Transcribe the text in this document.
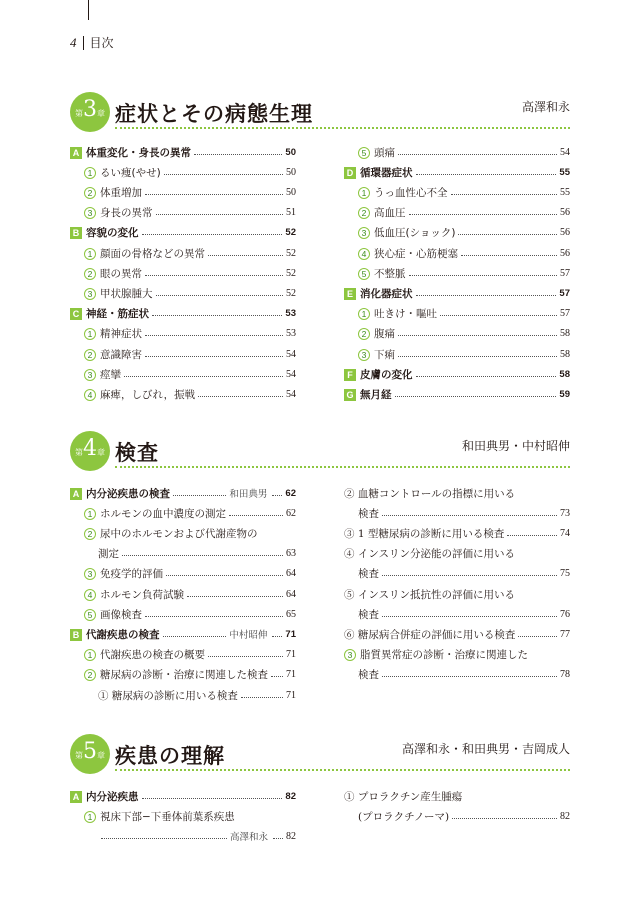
4 目次
第 3 章 症状とその病態生理	高澤和永
A 体重変化・身長の異常	50
1 るい痩(やせ)	50
2 体重増加	50
3 身長の異常	51
B 容貌の変化	52
1 顔面の骨格などの異常	52
2 眼の異常	52
3 甲状腺腫大	52
C 神経・筋症状	53
1 精神症状	53
2 意識障害	54
3 痙攣	54
4 麻痺，しびれ，振戦	54
5 頭痛	54
D 循環器症状	55
1 うっ血性心不全	55
2 高血圧	56
3 低血圧(ショック)	56
4 狭心症・心筋梗塞	56
5 不整脈	57
E 消化器症状	57
1 吐きけ・嘔吐	57
2 腹痛	58
3 下痢	58
F 皮膚の変化	58
G 無月経	59
第 4 章 検査	和田典男・中村昭伸
A 内分泌疾患の検査	和田典男 62
1 ホルモンの血中濃度の測定	62
2 尿中のホルモンおよび代謝産物の
測定	63
3 免疫学的評価	64
4 ホルモン負荷試験	64
5 画像検査	65
B 代謝疾患の検査	中村昭伸 71
1 代謝疾患の検査の概要	71
2 糖尿病の診断・治療に関連した検査 71
① 糖尿病の診断に用いる検査	71
② 血糖コントロールの指標に用いる
検査	73
③ 1 型糖尿病の診断に用いる検査	74
④ インスリン分泌能の評価に用いる
検査	75
⑤ インスリン抵抗性の評価に用いる
検査	76
⑥ 糖尿病合併症の評価に用いる検査	77
3 脂質異常症の診断・治療に関連した
検査	78
第 5 章 疾患の理解	高澤和永・和田典男・吉岡成人
A 内分泌疾患	82
1 視床下部−下垂体前葉系疾患
高澤和永 82
① プロラクチン産生腫瘍
(プロラクチノーマ)	82
